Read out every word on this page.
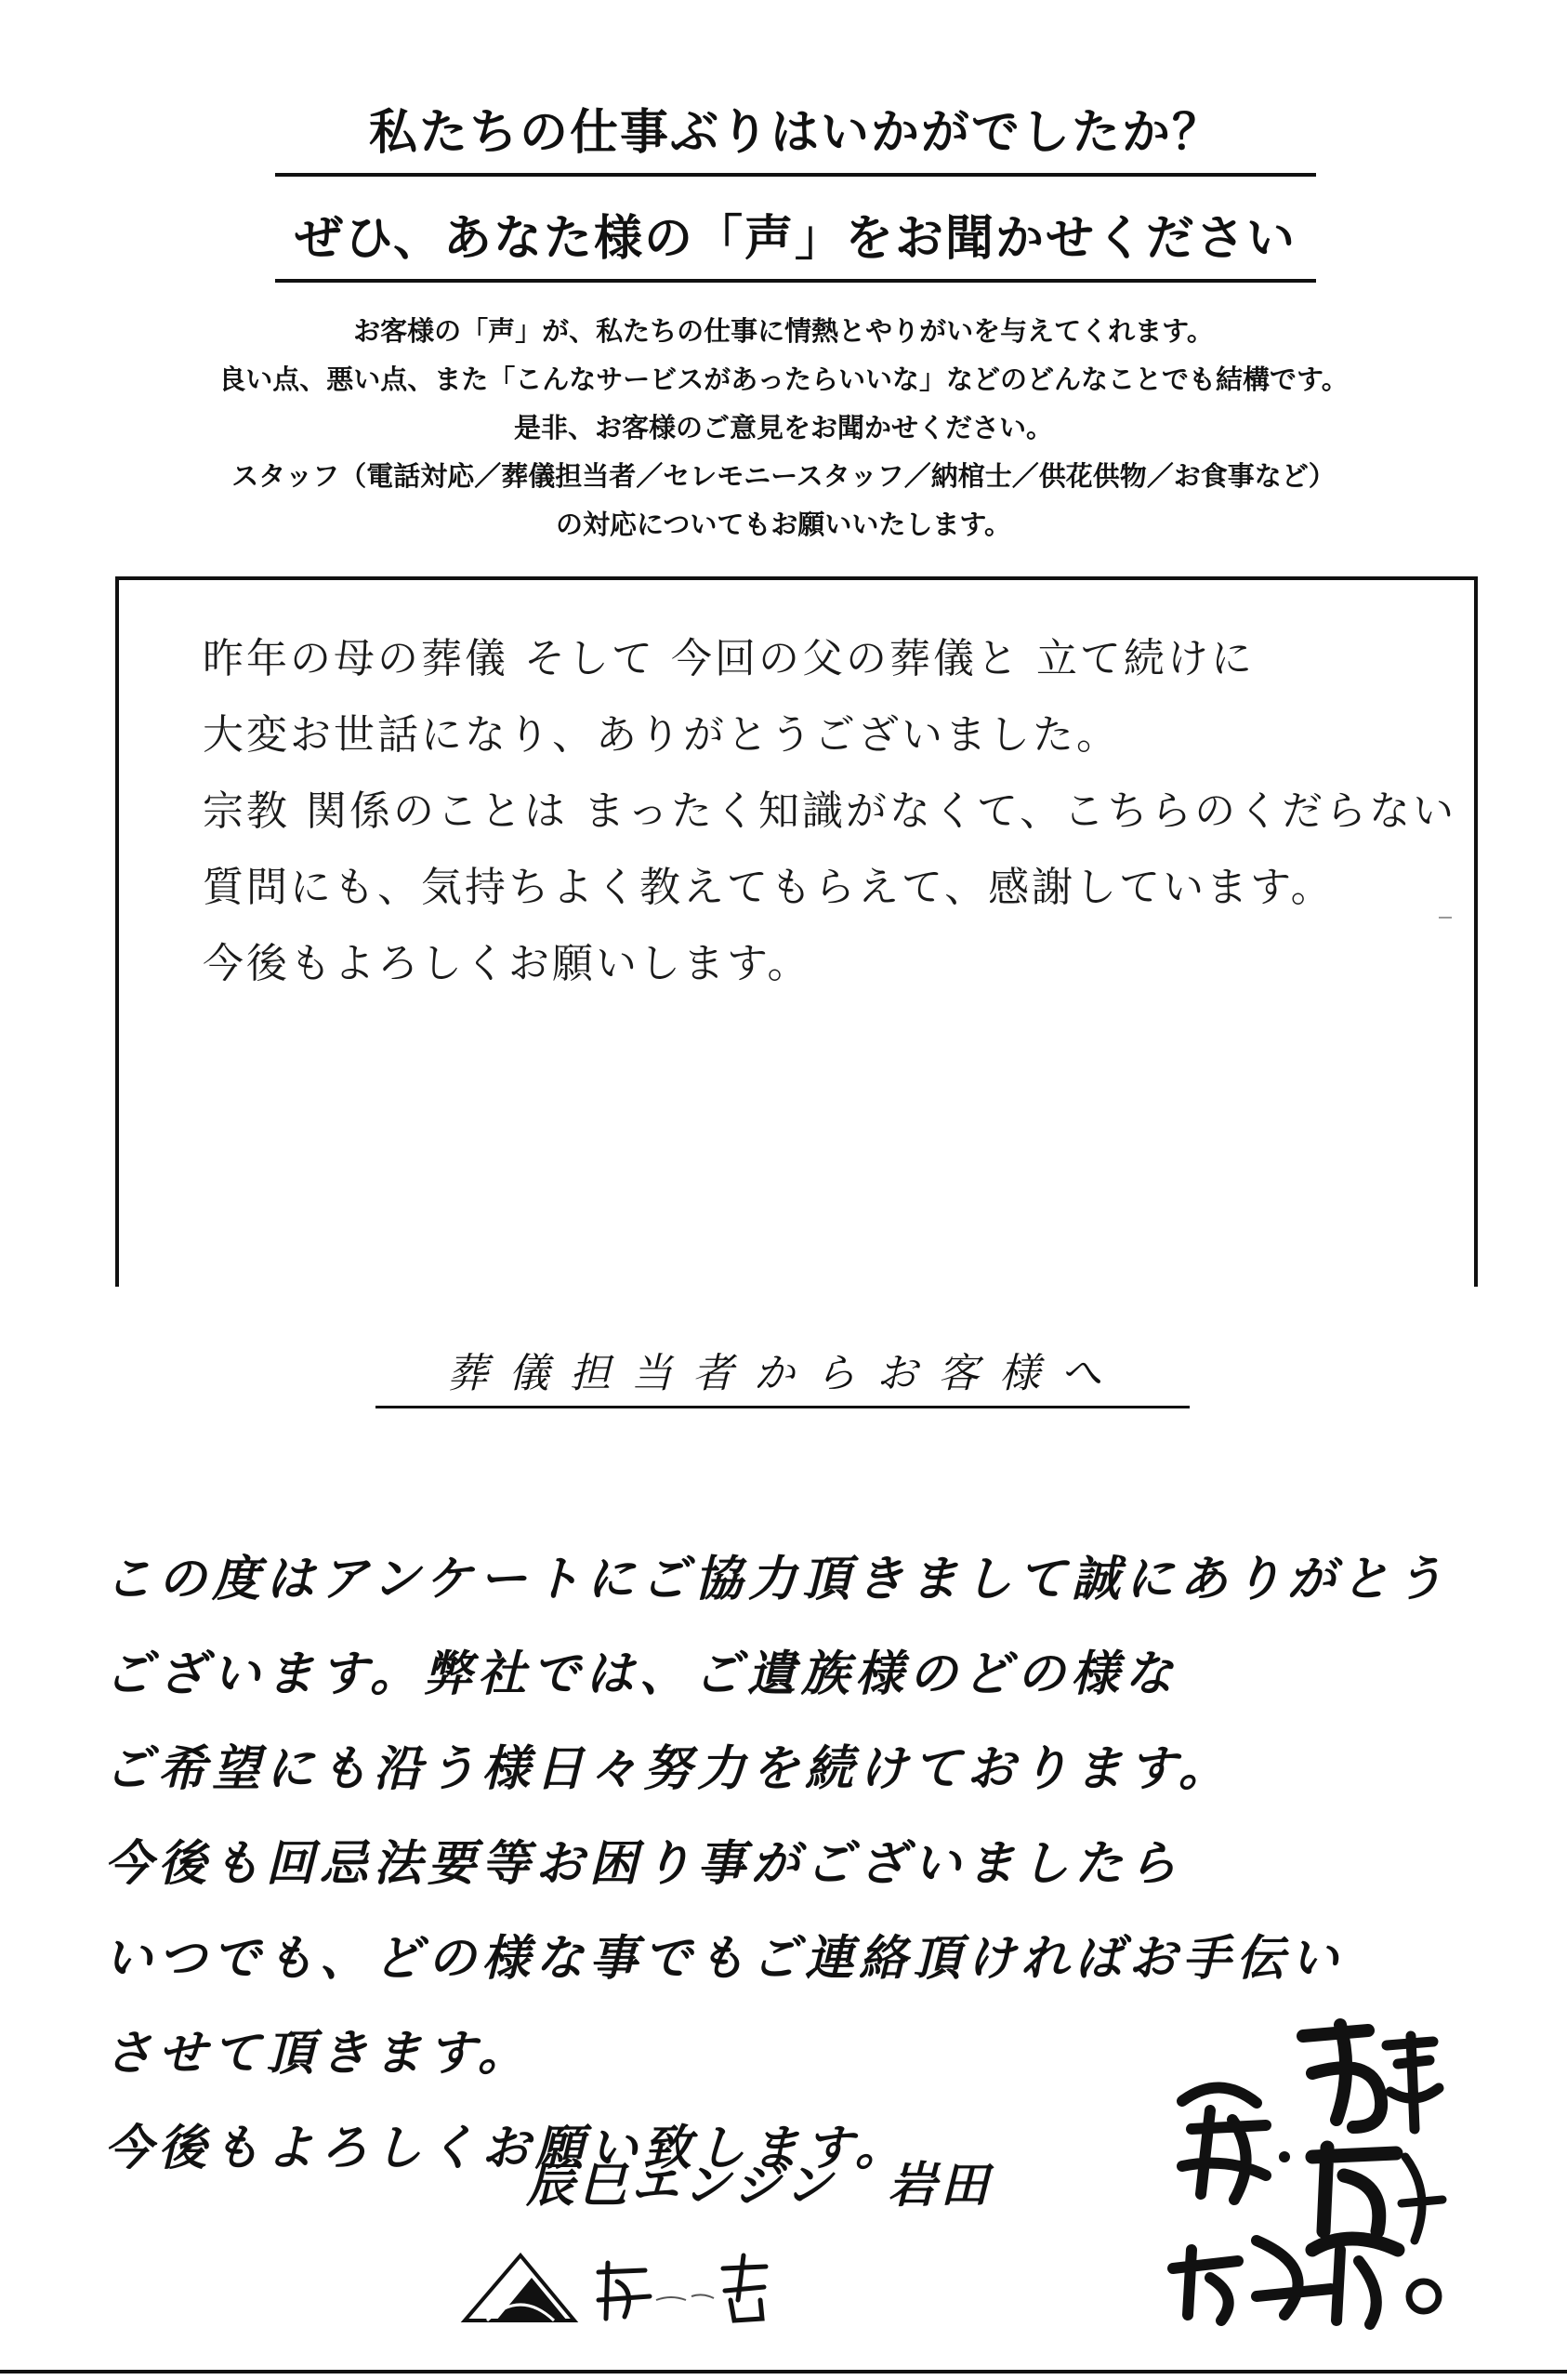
私たちの仕事ぶりはいかがでしたか？
ぜひ、あなた様の「声」をお聞かせください
お客様の「声」が、私たちの仕事に情熱とやりがいを与えてくれます。
良い点、悪い点、また「こんなサービスがあったらいいな」などのどんなことでも結構です。
是非、お客様のご意見をお聞かせください。
スタッフ（電話対応／葬儀担当者／セレモニースタッフ／納棺士／供花供物／お食事など）
の対応についてもお願いいたします。
昨年の母の葬儀 そして 今回の父の葬儀と 立て続けに
大変お世話になり、ありがとうございました。
宗教 関係のことは まったく知識がなくて、こちらのくだらない
質問にも、気持ちよく教えてもらえて、感謝しています。
今後もよろしくお願いします。
葬儀担当者からお客様へ
この度はアンケートにご協力頂きまして誠にありがとう
ございます。弊社では、ご遺族様のどの様な
ご希望にも沿う様日々努力を続けております。
今後も回忌法要等お困り事がございましたら
いつでも、どの様な事でもご連絡頂ければお手伝い
させて頂きます。
今後もよろしくお願い致します。
辰巳エンジン　岩田
